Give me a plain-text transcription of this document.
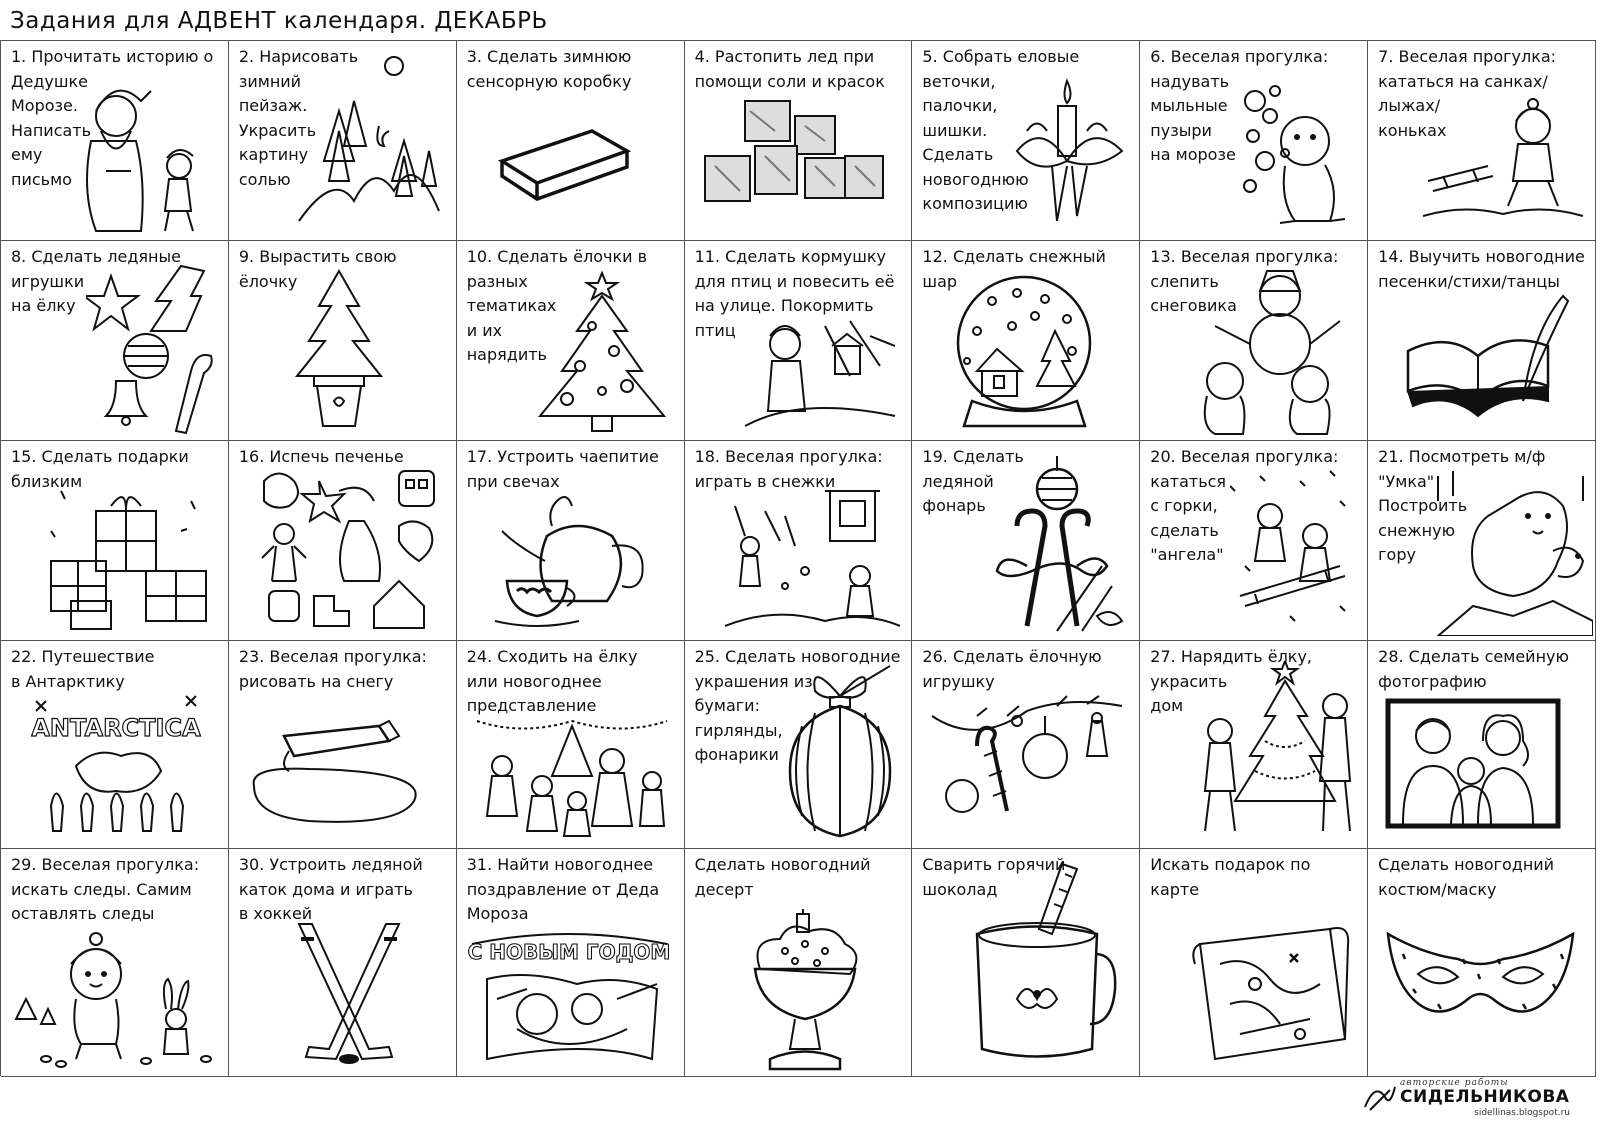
Задания для АДВЕНТ календаря. ДЕКАБРЬ
1. Прочитать историю о
Дедушке
Морозе.
Написать
ему
письмо
2. Нарисовать
зимний
пейзаж.
Украсить
картину
солью
3. Сделать зимнюю
сенсорную коробку
4. Растопить лед при
помощи соли и красок
5. Собрать еловые
веточки,
палочки,
шишки.
Сделать
новогоднюю
композицию
6. Веселая прогулка:
надувать
мыльные
пузыри
на морозе
7. Веселая прогулка:
кататься на санках/
лыжах/
коньках
8. Сделать ледяные
игрушки
на ёлку
9. Вырастить свою
ёлочку
10. Сделать ёлочки в
разных
тематиках
и их
нарядить
11. Сделать кормушку
для птиц и повесить её
на улице. Покормить
птиц
12. Сделать снежный
шар
13. Веселая прогулка:
слепить
снеговика
14. Выучить новогодние
песенки/стихи/танцы
15. Сделать подарки
близким
16. Испечь печенье	17. Устроить чаепитие
при свечах
18. Веселая прогулка:
играть в снежки
19. Сделать
ледяной
фонарь
20. Веселая прогулка:
кататься
с горки,
сделать
"ангела"
21. Посмотреть м/ф
"Умка"
Построить
снежную
гору
22. Путешествие
в Антарктику
ANTARCTICA
23. Веселая прогулка:
рисовать на снегу
24. Сходить на ёлку
или новогоднее
представление
25. Сделать новогодние
украшения из
бумаги:
гирлянды,
фонарики
26. Сделать ёлочную
игрушку
27. Нарядить ёлку,
украсить
дом
28. Сделать семейную
фотографию
29. Веселая прогулка:
искать следы. Самим
оставлять следы
30. Устроить ледяной
каток дома и играть
в хоккей
31. Найти новогоднее
поздравление от Деда
Мороза
С НОВЫМ ГОДОМ
Сделать новогодний
десерт
Сварить горячий
шоколад
Искать подарок по
карте
Сделать новогодний
костюм/маску
авторские работы
СИДЕЛЬНИКОВА
sidellinas.blogspot.ru
